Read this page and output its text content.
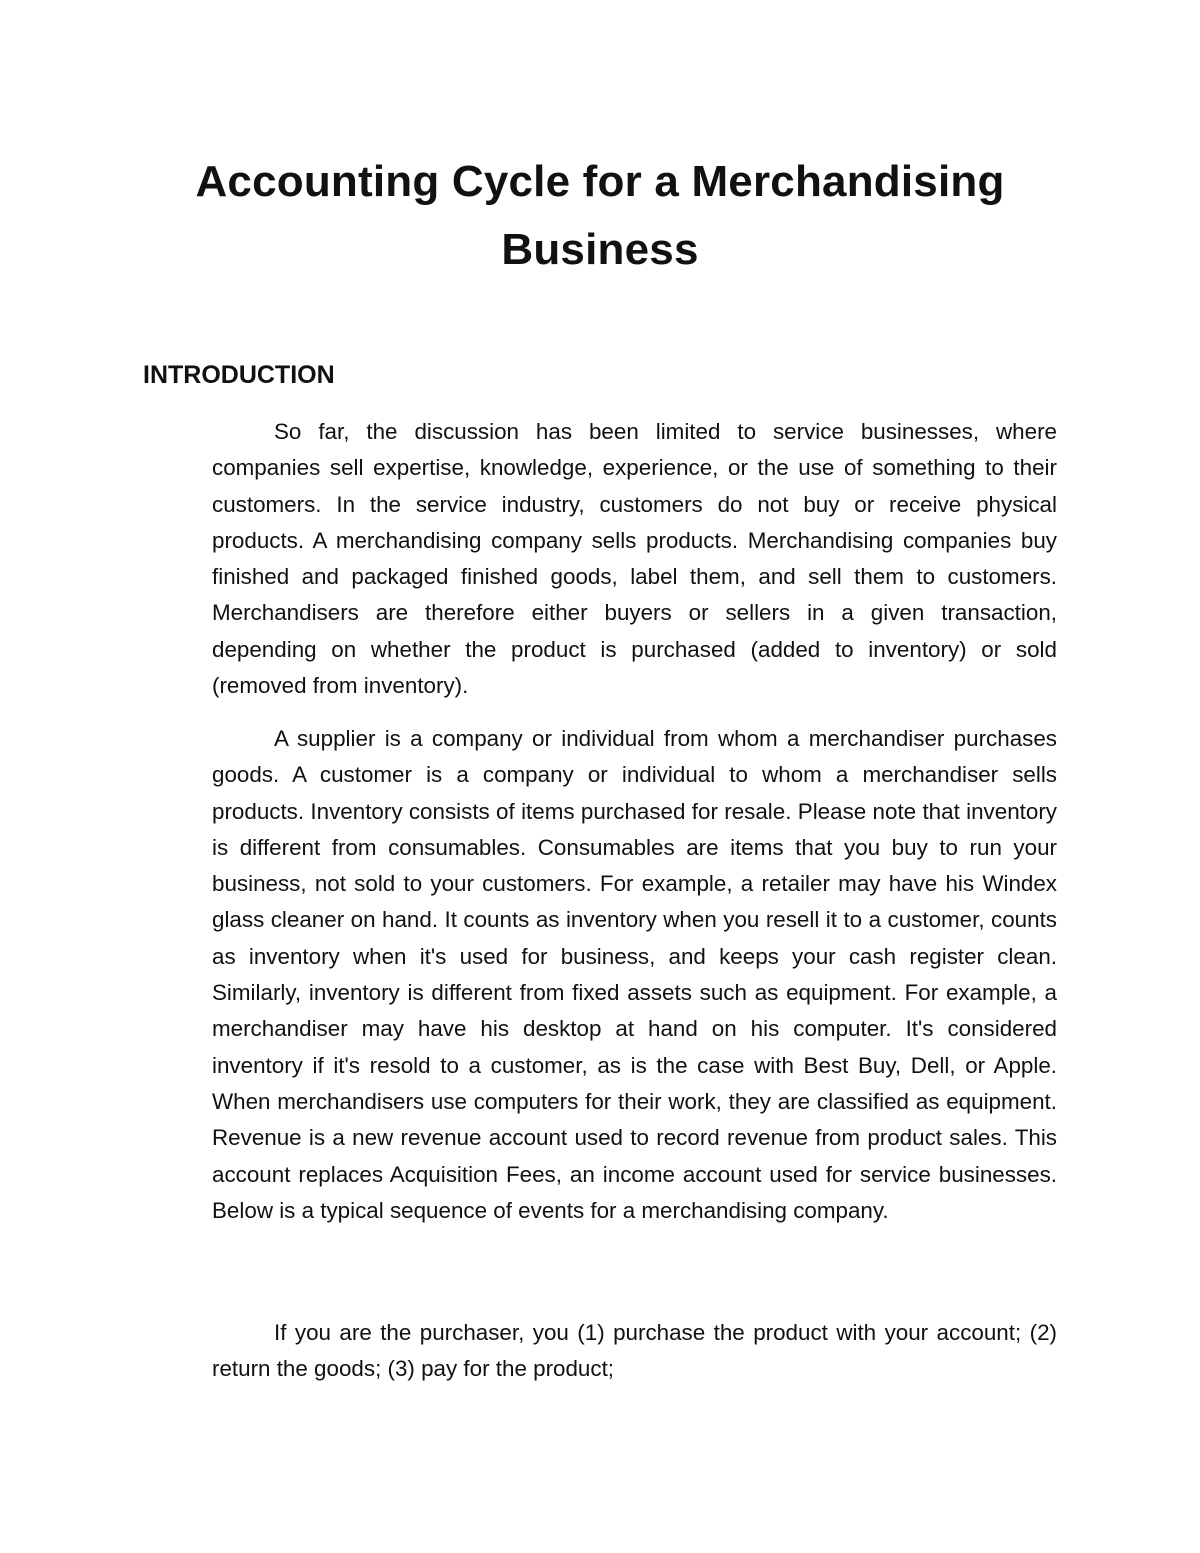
Accounting Cycle for a Merchandising Business
INTRODUCTION

So far, the discussion has been limited to service businesses, where companies sell expertise, knowledge, experience, or the use of something to their customers. In the service industry, customers do not buy or receive physical products. A merchandising company sells products. Merchandising companies buy finished and packaged finished goods, label them, and sell them to customers. Merchandisers are therefore either buyers or sellers in a given transaction, depending on whether the product is purchased (added to inventory) or sold (removed from inventory).

A supplier is a company or individual from whom a merchandiser purchases goods. A customer is a company or individual to whom a merchandiser sells products. Inventory consists of items purchased for resale. Please note that inventory is different from consumables. Consumables are items that you buy to run your business, not sold to your customers. For example, a retailer may have his Windex glass cleaner on hand. It counts as inventory when you resell it to a customer, counts as inventory when it's used for business, and keeps your cash register clean. Similarly, inventory is different from fixed assets such as equipment. For example, a merchandiser may have his desktop at hand on his computer. It's considered inventory if it's resold to a customer, as is the case with Best Buy, Dell, or Apple. When merchandisers use computers for their work, they are classified as equipment. Revenue is a new revenue account used to record revenue from product sales. This account replaces Acquisition Fees, an income account used for service businesses. Below is a typical sequence of events for a merchandising company.

If you are the purchaser, you (1) purchase the product with your account; (2) return the goods; (3) pay for the product;
